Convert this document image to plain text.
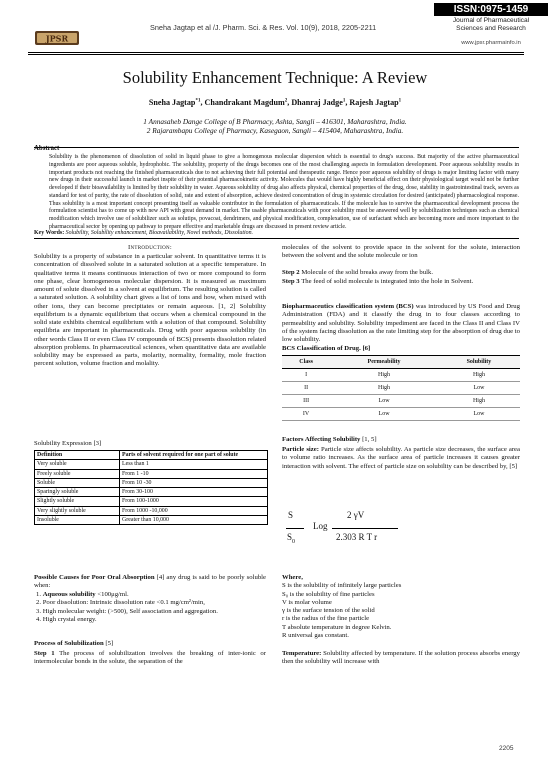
JPSR
Sneha Jagtap et al /J. Pharm. Sci. & Res. Vol. 10(9), 2018, 2205-2211
ISSN:0975-1459
Journal of Pharmaceutical
Sciences and Research
www.jpsr.pharmainfo.in
Solubility Enhancement Technique: A Review
Sneha Jagtap$^{*1}$, Chandrakant Magdum$^2$, Dhanraj Jadge$^1$, Rajesh Jagtap$^1$
1 Annasaheb Dange College of B Pharmacy, Ashta, Sangli – 416301, Maharashtra, India.
2 Rajarambapu College of Pharmacy, Kasegaon, Sangli – 415404, Maharashtra, India.
Abstract
Solubility is the phenomenon of dissolution of solid in liquid phase to give a homogenous molecular dispersion which is essential to drug's success. But majority of the active pharmaceutical ingredients are poor aqueous soluble, hydrophobic. The solubility, property of the drugs becomes one of the most challenging aspects in formulation development. Poor aqueous solubility results in important products not reaching the finished pharmaceuticals due to not achieving their full potential and therapeutic range. Hence poor aqueous solubility of drugs is major limiting factor with many new drugs in their successful launch in market inspite of their potential pharmacokinetic activity. Molecules that would have highly beneficial effect on their physiological target would not be further developed if their bioavailability is limited by their solubility in water. Aqueous solubility of drug also affects physical, chemical properties of the drug, dose, stability in gastrointestinal track, severs as standard for test of purity, the rate of dissolution of solid, rate and extent of absorption, achieve desired concentration of drug in systemic circulation for desired (anticipated) pharmacological response. Thus solubility is a most important concept presenting itself as valuable contributor in the formulation of pharmaceuticals. If the molecule has to survive the pharmaceutical development process the formulation scientist has to come up with new API with great demand in market. The usable pharmaceuticals with poor solubility must be answered well by solubilization techniques such as chemical modification which involve use of solubilizer such as solutips, povacoat, dendrimers, and physical modification, complexation, use of surfactant which are becoming more and more important to the pharmaceutical sector by opening up pathway to prepare effective and marketable drugs are discussed in present review article.
Key Words: Solubility, Solubility enhancement, Bioavailability, Novel methods, Dissolution.
Introduction:
Solubility is a property of substance in a particular solvent. In quantitative terms it is concentration of dissolved solute in a saturated solution at a specific temperature. In qualitative terms it means continuous interaction of two or more compound to form one phase, clear homogeneous molecular dispersion. It is measured as maximum amount of solute dissolved in a solvent at equilibrium. The resulting solution is called a saturated solution. A solubility chart gives a list of ions and how, when mixed with other ions, they can become precipitates or remain aqueous. [1, 2] Solubility equilibrium is a dynamic equilibrium that occurs when a chemical compound in the solid state exhibits chemical equilibrium with a solution of that compound. Solubility equilibria are important in pharmaceuticals. Drug with poor aqueous solubility (in other words Class II or even Class IV compounds of BCS) presents dissolution related absorption problems. In pharmaceutical sciences, when quantitative data are available solubility may be expressed as parts, molarity, normality, formality, mole fraction percent solution, volume fraction and molality.
Solubility Expression [3]
Definition	Parts of solvent required for one part of solute
Very soluble	Less than 1
Freely soluble	From 1 -10
Soluble	From 10 -30
Sparingly soluble	From 30-100
Slightly soluble	From 100-1000
Very slightly soluble	From 1000 -10,000
Insoluble	Greater than 10,000
Possible Causes for Poor Oral Absorption [4] any drug is said to be poorly soluble when:
1. Aqueous solubility <100μg/ml.
2. Poor dissolution: Intrinsic dissolution rate <0.1 mg/cm²/min,
3. High molecular weight: (>500), Self association and aggregation.
4. High crystal energy.
Process of Solubilization [5]
Step 1 The process of solubilization involves the breaking of inter-ionic or intermolecular bonds in the solute, the separation of the
molecules of the solvent to provide space in the solvent for the solute, interaction between the solvent and the solute molecule or ion
Step 2 Molecule of the solid breaks away from the bulk.
Step 3 The feed of solid molecule is integrated into the hole in Solvent.
Biopharmaceutics classification system (BCS) was introduced by US Food and Drug Administration (FDA) and it classify the drug in to four classes according to permeability and solubility. Solubility impediment are faced in the Class II and Class IV of the system facing dissolution as the rate limiting step for the absorption of drug due to low solubility.
BCS Classification of Drug. [6]
Class	Permeability	Solubility
I	High	High
II	High	Low
III	Low	High
IV	Low	Low
Factors Affecting Solubility [1, 5]
Particle size: Particle size affects solubility. As particle size decreases, the surface area to volume ratio increases. As the surface area of particle increases it causes greater interaction with solvent. The effect of particle size on solubility can be described by, [5]
S
$S_0$
Log
2 γV
2.303 R T r
Where,
S is the solubility of infinitely large particles
S₀ is the solubility of fine particles
V is molar volume
γ is the surface tension of the solid
r is the radius of the fine particle
T absolute temperature in degree Kelvin.
R universal gas constant.
Temperature: Solubility affected by temperature. If the solution process absorbs energy then the solubility will increase with
2205
